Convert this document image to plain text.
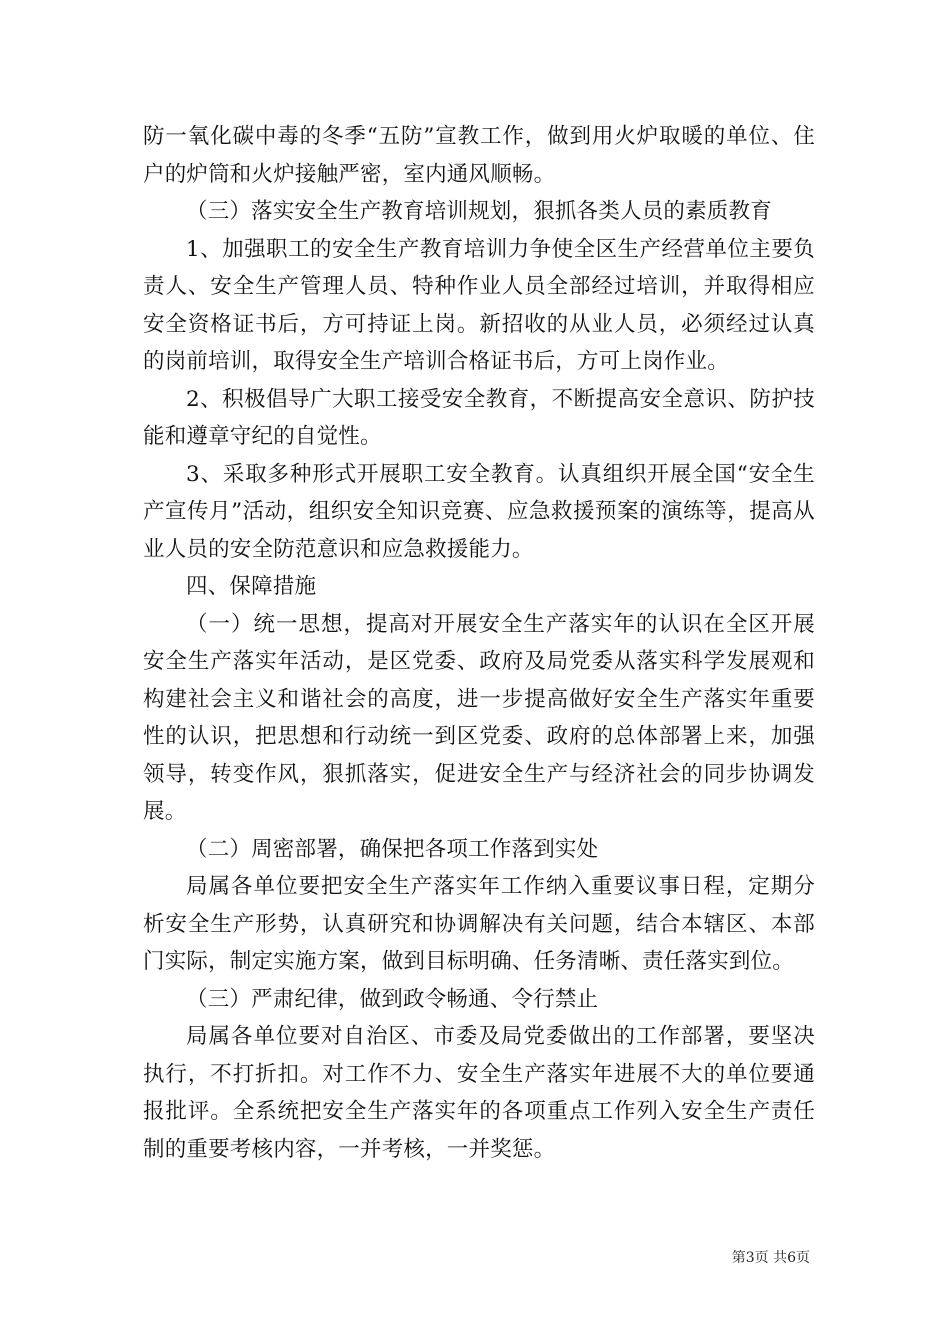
防一氧化碳中毒的冬季“五防”宣教工作，做到用火炉取暖的单位、住户的炉筒和火炉接触严密，室内通风顺畅。

（三）落实安全生产教育培训规划，狠抓各类人员的素质教育

1、加强职工的安全生产教育培训力争使全区生产经营单位主要负责人、安全生产管理人员、特种作业人员全部经过培训，并取得相应安全资格证书后，方可持证上岗。新招收的从业人员，必须经过认真的岗前培训，取得安全生产培训合格证书后，方可上岗作业。

2、积极倡导广大职工接受安全教育，不断提高安全意识、防护技能和遵章守纪的自觉性。

3、采取多种形式开展职工安全教育。认真组织开展全国“安全生产宣传月”活动，组织安全知识竞赛、应急救援预案的演练等，提高从业人员的安全防范意识和应急救援能力。

四、保障措施

（一）统一思想，提高对开展安全生产落实年的认识在全区开展安全生产落实年活动，是区党委、政府及局党委从落实科学发展观和构建社会主义和谐社会的高度，进一步提高做好安全生产落实年重要性的认识，把思想和行动统一到区党委、政府的总体部署上来，加强领导，转变作风，狠抓落实，促进安全生产与经济社会的同步协调发展。

（二）周密部署，确保把各项工作落到实处

局属各单位要把安全生产落实年工作纳入重要议事日程，定期分析安全生产形势，认真研究和协调解决有关问题，结合本辖区、本部门实际，制定实施方案，做到目标明确、任务清晰、责任落实到位。

（三）严肃纪律，做到政令畅通、令行禁止

局属各单位要对自治区、市委及局党委做出的工作部署，要坚决执行，不打折扣。对工作不力、安全生产落实年进展不大的单位要通报批评。全系统把安全生产落实年的各项重点工作列入安全生产责任制的重要考核内容，一并考核，一并奖惩。

第3页 共6页
